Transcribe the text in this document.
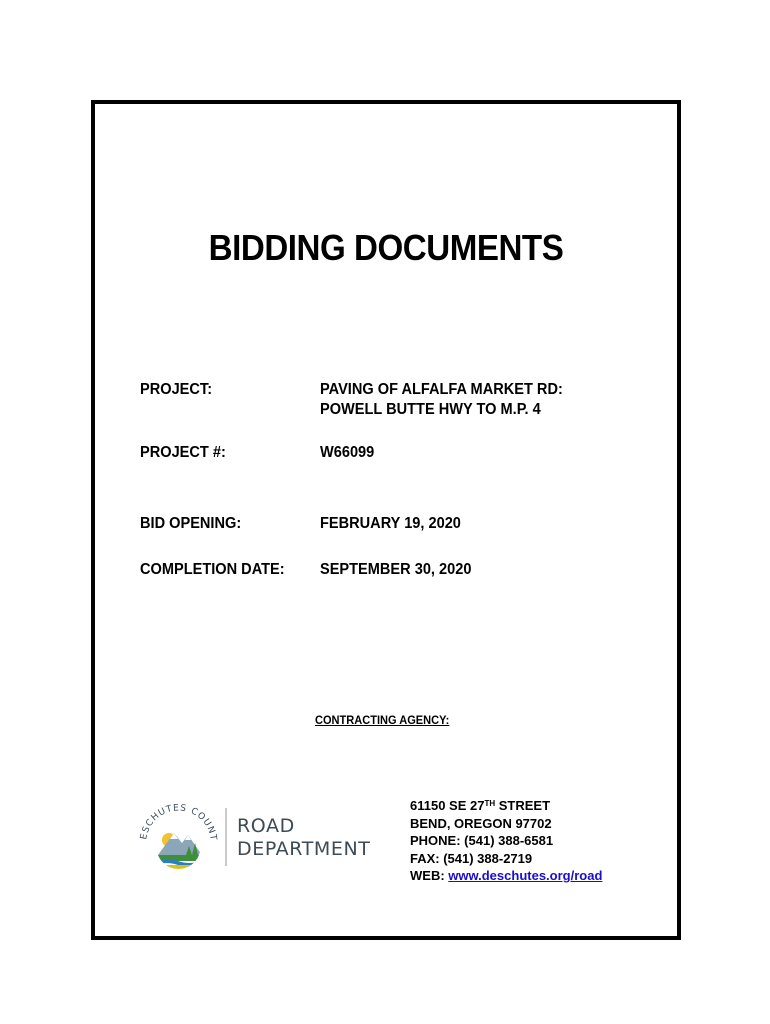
BIDDING DOCUMENTS
PROJECT:	PAVING OF ALFALFA MARKET RD:
POWELL BUTTE HWY TO M.P. 4
PROJECT #:	W66099
BID OPENING:	FEBRUARY 19, 2020
COMPLETION DATE: SEPTEMBER 30, 2020
CONTRACTING AGENCY:
ESCHUTES COUNT
ROAD
DEPARTMENT
61150 SE 27TH STREET
BEND, OREGON 97702
PHONE: (541) 388-6581
FAX: (541) 388-2719
WEB: www.deschutes.org/road
